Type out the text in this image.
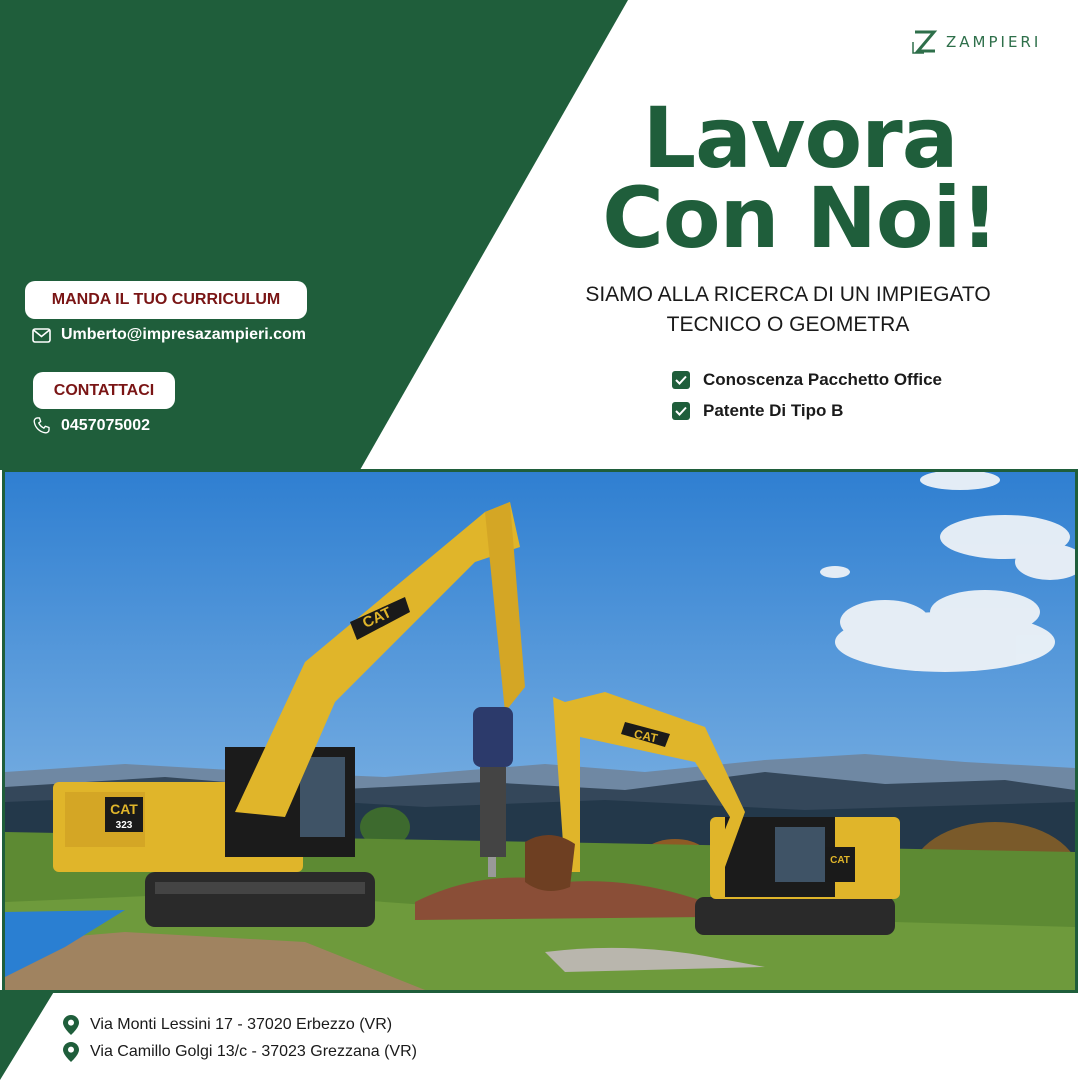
ZAMPIERI
Lavora
Con Noi!
SIAMO ALLA RICERCA DI UN IMPIEGATO
TECNICO O GEOMETRA
Conoscenza Pacchetto Office
Patente Di Tipo B
MANDA IL TUO CURRICULUM
Umberto@impresazampieri.com
CONTATTACI
0457075002
CAT
323
CAT
CAT
CAT
Via Monti Lessini 17 - 37020 Erbezzo (VR)
Via Camillo Golgi 13/c - 37023 Grezzana (VR)
